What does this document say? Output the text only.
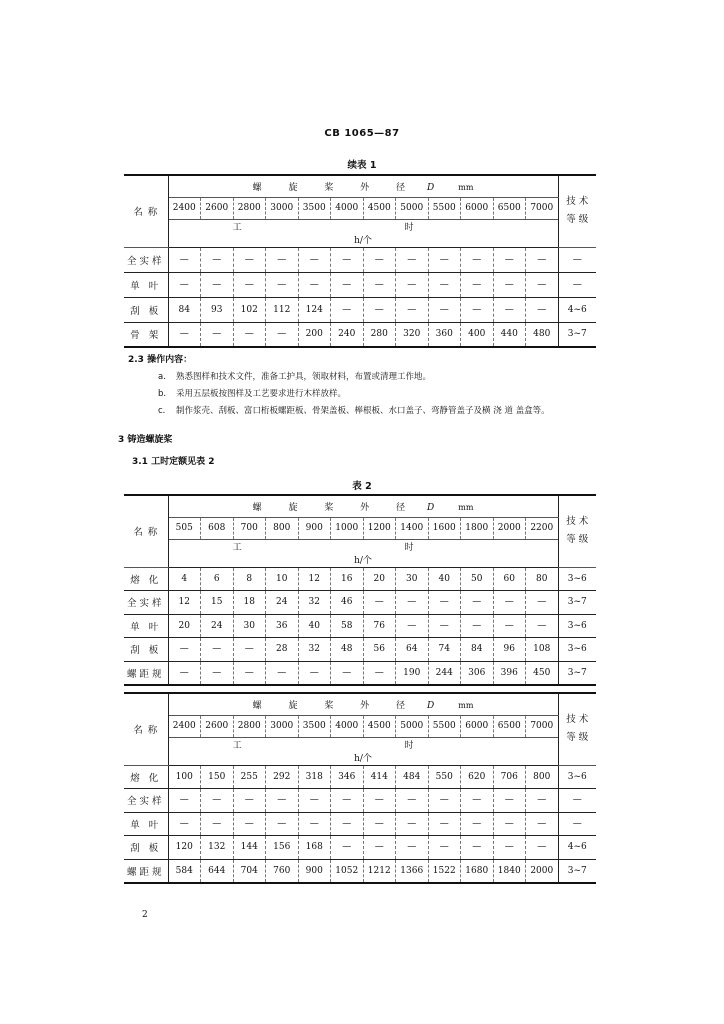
CB 1065—87
续表 1
名 称	螺 旋 桨 外 径 D mm												技 术
等 级

	2400	2600	2800	3000	3500	4000	4500	5000	5500	6000	6500	7000	
	工 时												
	h/个												
全实样	—	—	—	—	—	—	—	—	—	—	—	—	—
单 叶	—	—	—	—	—	—	—	—	—	—	—	—	—
刮 板	84	93	102	112	124	—	—	—	—	—	—	—	4~6
骨 架	—	—	—	—	200	240	280	320	360	400	440	480	3~7
2.3 操作内容：
a. 熟悉图样和技术文件，准备工护具，领取材料，布置或清理工作地。
b. 采用五层板按图样及工艺要求进行木样放样。
c. 制作浆壳、刮板、富口桁板螺距板、骨架盖板、榉根板、水口盖子、弯静管盖子及横 浇 道 盖盒等。
3 铸造螺旋桨
3.1 工时定额见表 2
表 2
名 称	螺 旋 桨 外 径 D mm												技 术
等 级

	505	608	700	800	900	1000	1200	1400	1600	1800	2000	2200	
	工 时												
	h/个												
熔 化	4	6	8	10	12	16	20	30	40	50	60	80	3~6
全实样	12	15	18	24	32	46	—	—	—	—	—	—	3~7
单 叶	20	24	30	36	40	58	76	—	—	—	—	—	3~6
刮 板	—	—	—	28	32	48	56	64	74	84	96	108	3~6
螺距规	—	—	—	—	—	—	—	190	244	306	396	450	3~7
名 称	螺 旋 桨 外 径 D mm												技 术
等 级

	2400	2600	2800	3000	3500	4000	4500	5000	5500	6000	6500	7000	
	工 时												
	h/个												
熔 化	100	150	255	292	318	346	414	484	550	620	706	800	3~6
全实样	—	—	—	—	—	—	—	—	—	—	—	—	—
单 叶	—	—	—	—	—	—	—	—	—	—	—	—	—
刮 板	120	132	144	156	168	—	—	—	—	—	—	—	4~6
螺距规	584	644	704	760	900	1052	1212	1366	1522	1680	1840	2000	3~7
2
